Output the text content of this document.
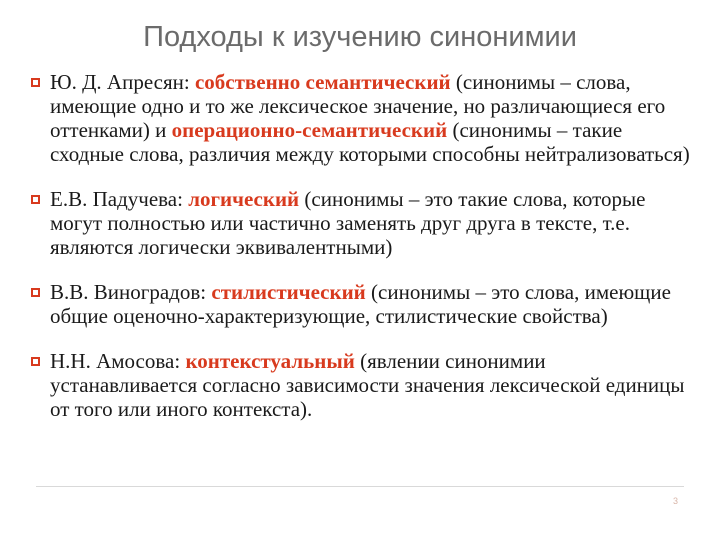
Подходы к изучению синонимии
Ю. Д. Апресян: собственно семантический (синонимы – слова, имеющие одно и то же лексическое значение, но различающиеся его оттенками) и операционно-семантический (синонимы – такие сходные слова, различия между которыми способны нейтрализоваться)
Е.В. Падучева: логический (синонимы – это такие слова, которые могут полностью или частично заменять друг друга в тексте, т.е. являются логически эквивалентными)
В.В. Виноградов: стилистический (синонимы – это слова, имеющие общие оценочно-характеризующие, стилистические свойства)
Н.Н. Амосова: контекстуальный (явлении синонимии устанавливается согласно зависимости значения лексической единицы от того или иного контекста).
3
